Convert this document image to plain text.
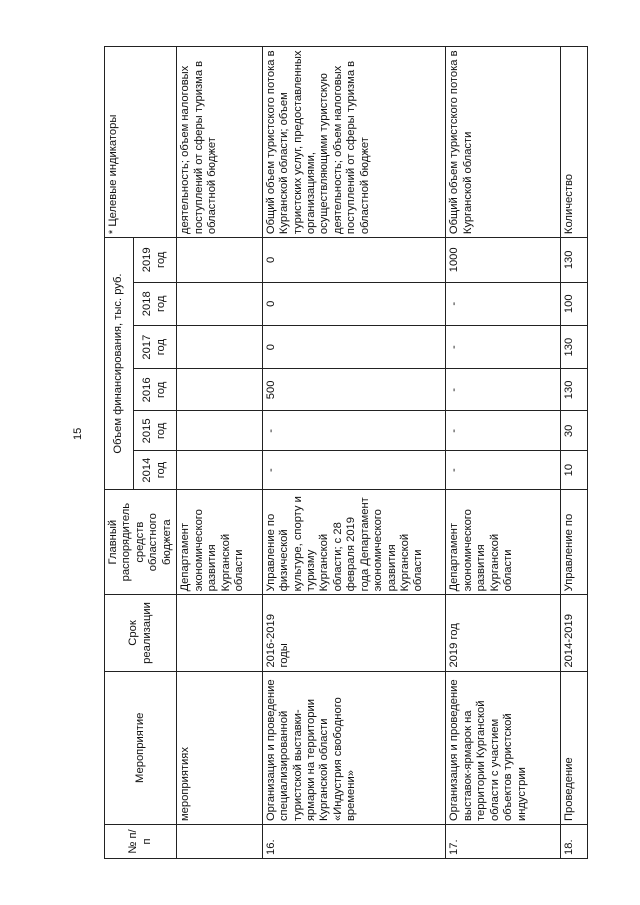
15
№ п/п	Мероприятие	Срок реализации	Главный распорядитель средств областного бюджета	Объем финансирования, тыс. руб.						* Целевые индикаторы
				2014 год	2015 год	2016 год	2017 год	2018 год	2019 год	
	мероприятиях		Департамент экономического развития Курганской области							деятельность; объем налоговых поступлений от сферы туризма в областной бюджет
16.	Организация и проведение специализированной туристской выставки-ярмарки на территории Курганской области «Индустрия свободного времени»	2016-2019 годы	Управление по физической культуре, спорту и туризму Курганской области; с 28 февраля 2019 года Департамент экономического развития Курганской области	-	-	500	0	0	0	Общий объем туристского потока в Курганской области; объем туристских услуг, предоставленных организациями, осуществляющими туристскую деятельность; объем налоговых поступлений от сферы туризма в областной бюджет
17.	Организация и проведение выставок-ярмарок на территории Курганской области с участием объектов туристской индустрии	2019 год	Департамент экономического развития Курганской области	-	-	-	-	-	1000	Общий объем туристского потока в Курганской области
18.	Проведение	2014-2019	Управление по	10	30	130	130	100	130	Количество
